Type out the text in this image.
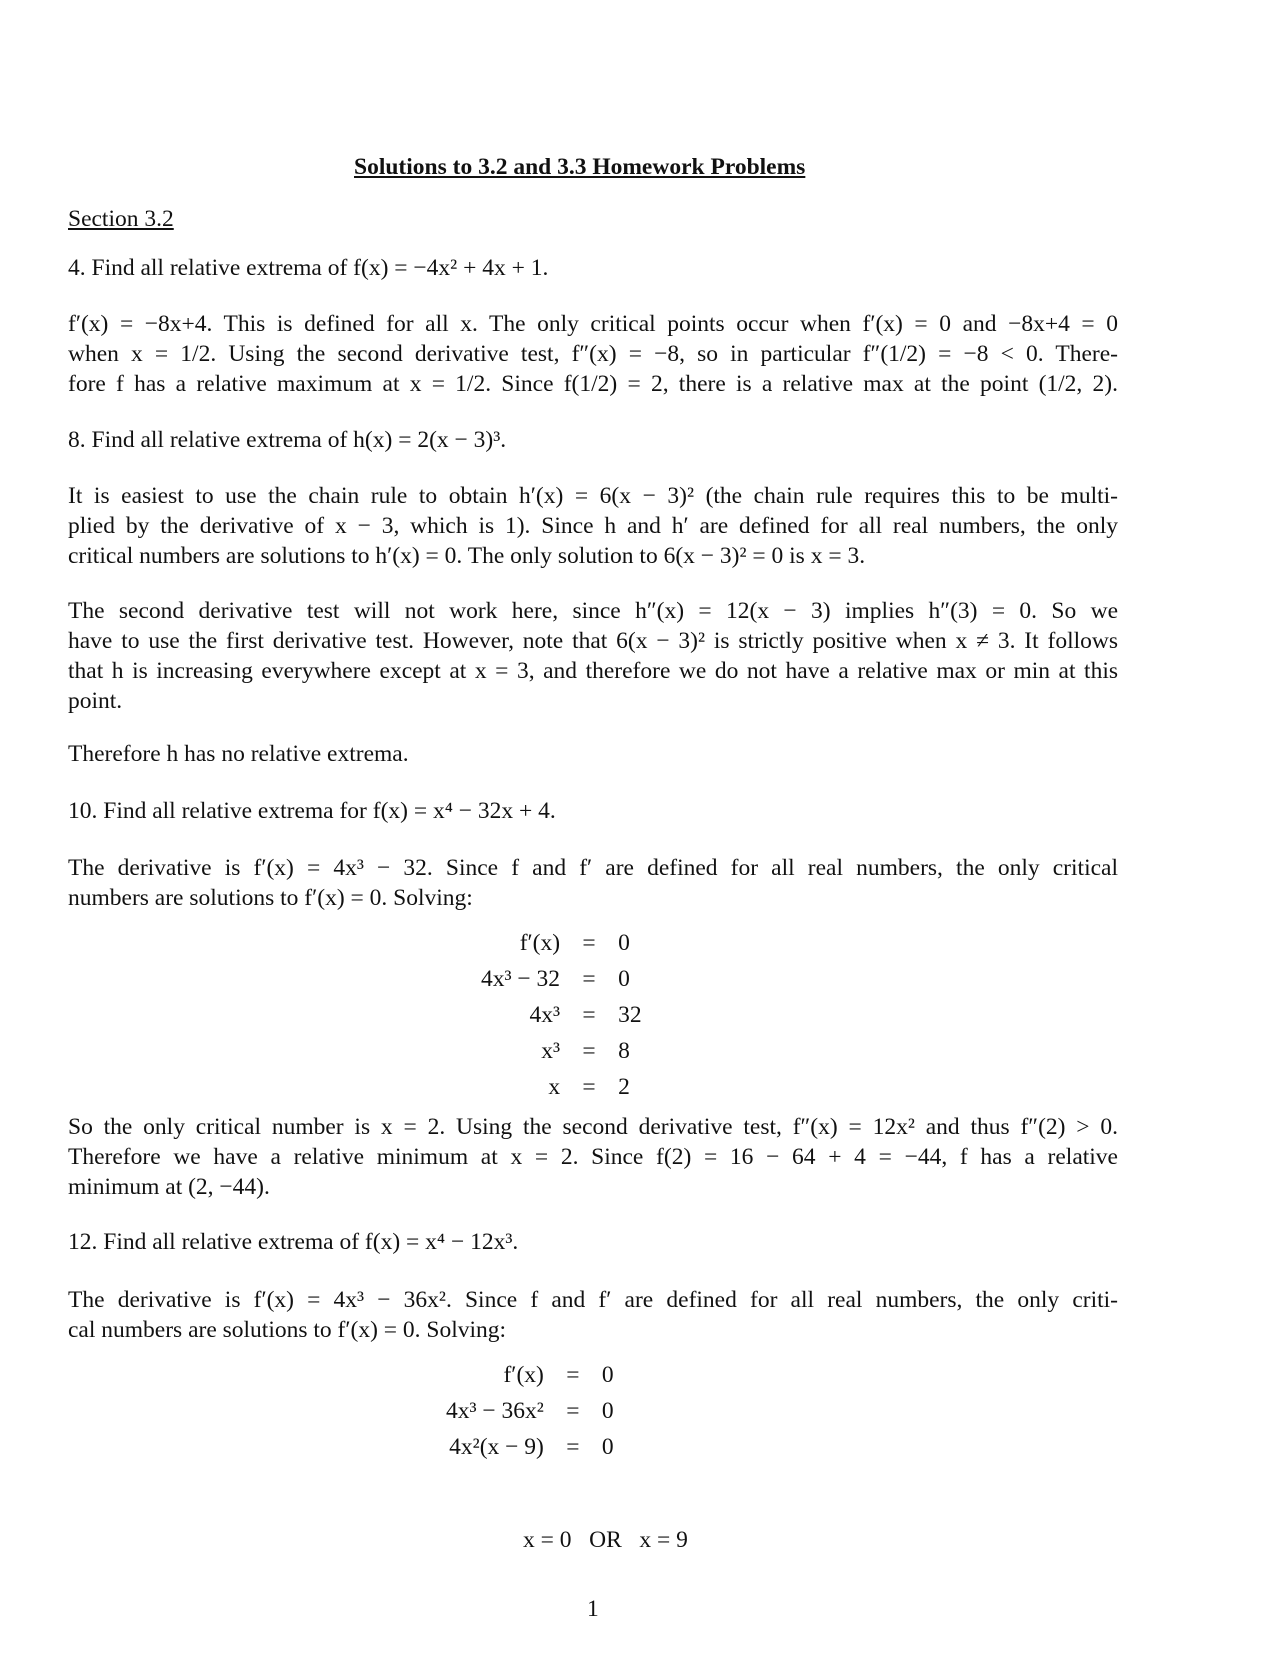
Solutions to 3.2 and 3.3 Homework Problems
Section 3.2
4. Find all relative extrema of f(x) = −4x² + 4x + 1.
f′(x) = −8x+4. This is defined for all x. The only critical points occur when f′(x) = 0 and −8x+4 = 0
when x = 1/2. Using the second derivative test, f″(x) = −8, so in particular f″(1/2) = −8 < 0. There-
fore f has a relative maximum at x = 1/2. Since f(1/2) = 2, there is a relative max at the point (1/2, 2).
8. Find all relative extrema of h(x) = 2(x − 3)³.
It is easiest to use the chain rule to obtain h′(x) = 6(x − 3)² (the chain rule requires this to be multi-
plied by the derivative of x − 3, which is 1). Since h and h′ are defined for all real numbers, the only
critical numbers are solutions to h′(x) = 0. The only solution to 6(x − 3)² = 0 is x = 3.
The second derivative test will not work here, since h″(x) = 12(x − 3) implies h″(3) = 0. So we
have to use the first derivative test. However, note that 6(x − 3)² is strictly positive when x ≠ 3. It follows
that h is increasing everywhere except at x = 3, and therefore we do not have a relative max or min at this
point.
Therefore h has no relative extrema.
10. Find all relative extrema for f(x) = x⁴ − 32x + 4.
The derivative is f′(x) = 4x³ − 32. Since f and f′ are defined for all real numbers, the only critical
numbers are solutions to f′(x) = 0. Solving:
f′(x)	=	0
4x³ − 32	=	0
4x³	=	32
x³	=	8
x	=	2
So the only critical number is x = 2. Using the second derivative test, f″(x) = 12x² and thus f″(2) > 0.
Therefore we have a relative minimum at x = 2. Since f(2) = 16 − 64 + 4 = −44, f has a relative
minimum at (2, −44).
12. Find all relative extrema of f(x) = x⁴ − 12x³.
The derivative is f′(x) = 4x³ − 36x². Since f and f′ are defined for all real numbers, the only criti-
cal numbers are solutions to f′(x) = 0. Solving:
f′(x)	=	0
4x³ − 36x²	=	0
4x²(x − 9)	=	0

x = 0   OR   x = 9

1
